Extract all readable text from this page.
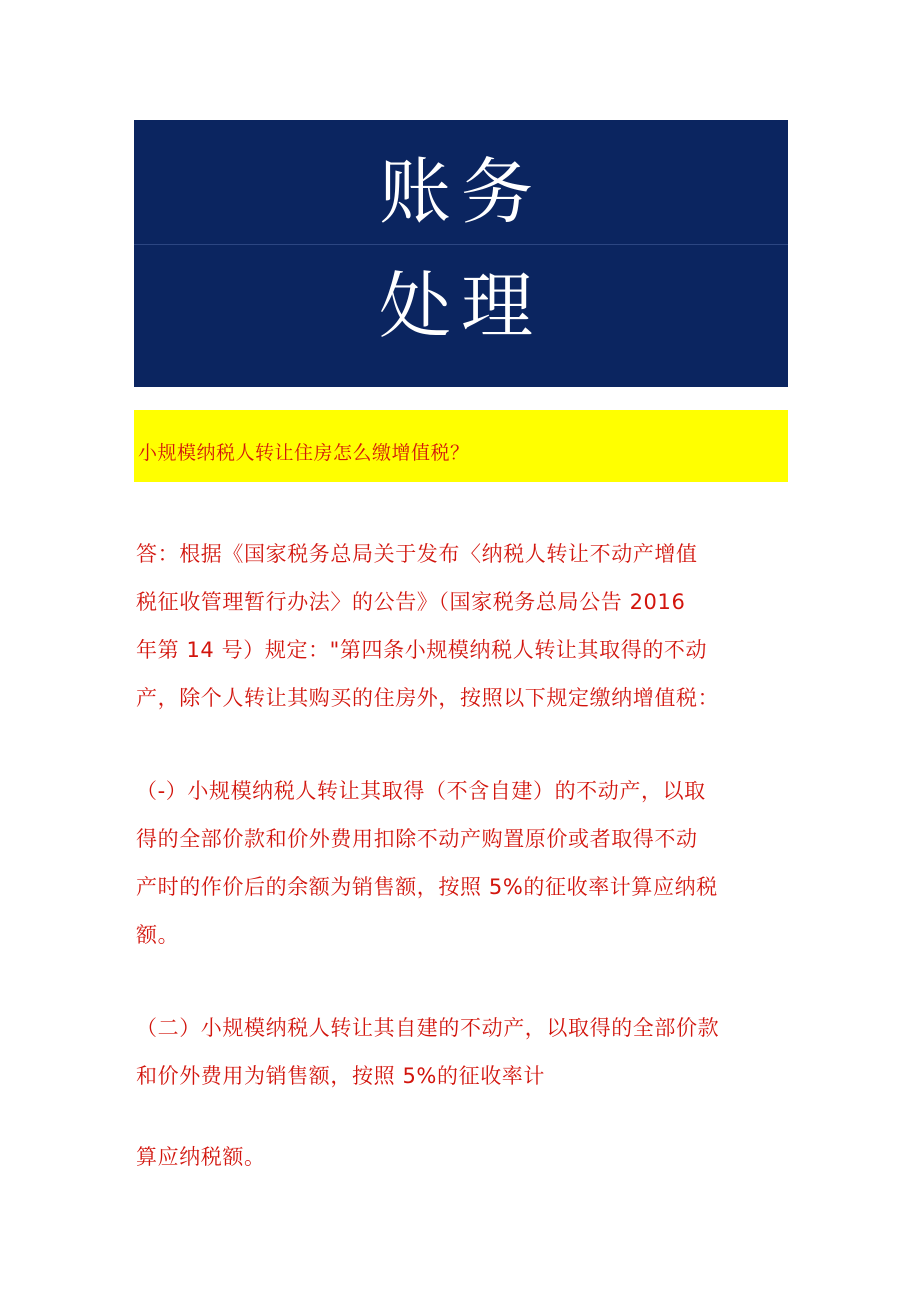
账务
处理
小规模纳税人转让住房怎么缴增值税？
答：根据《国家税务总局关于发布〈纳税人转让不动产增值
税征收管理暂行办法〉的公告》（国家税务总局公告 2016
年第 14 号）规定："第四条小规模纳税人转让其取得的不动
产，除个人转让其购买的住房外，按照以下规定缴纳增值税：
（-）小规模纳税人转让其取得（不含自建）的不动产，以取
得的全部价款和价外费用扣除不动产购置原价或者取得不动
产时的作价后的余额为销售额，按照 5%的征收率计算应纳税
额。
（二）小规模纳税人转让其自建的不动产，以取得的全部价款
和价外费用为销售额，按照 5%的征收率计
算应纳税额。
